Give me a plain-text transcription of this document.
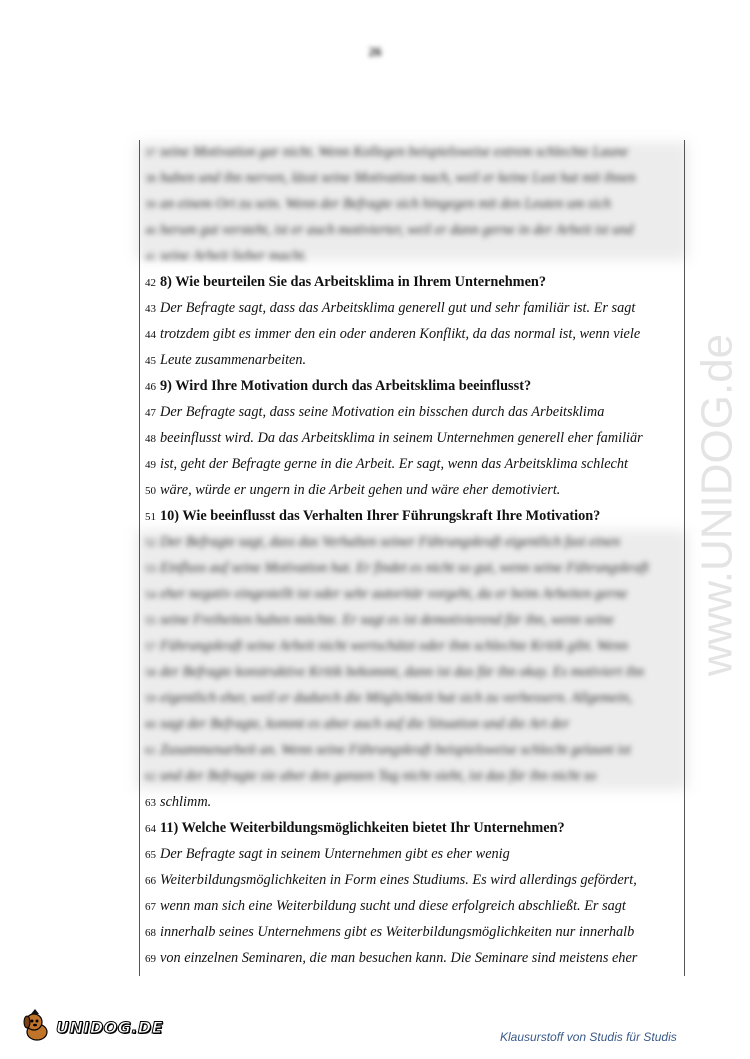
26
37 seine Motivation gar nicht. Wenn Kollegen beispielsweise extrem schlechte Laune
38 haben und ihn nerven, lässt seine Motivation nach, weil er keine Lust hat mit ihnen
39 an einem Ort zu sein. Wenn der Befragte sich hingegen mit den Leuten um sich
40 herum gut versteht, ist er auch motivierter, weil er dann gerne in der Arbeit ist und
41 seine Arbeit lieber macht.
42 8) Wie beurteilen Sie das Arbeitsklima in Ihrem Unternehmen?
43 Der Befragte sagt, dass das Arbeitsklima generell gut und sehr familiär ist. Er sagt
44 trotzdem gibt es immer den ein oder anderen Konflikt, da das normal ist, wenn viele
45 Leute zusammenarbeiten.
46 9) Wird Ihre Motivation durch das Arbeitsklima beeinflusst?
47 Der Befragte sagt, dass seine Motivation ein bisschen durch das Arbeitsklima
48 beeinflusst wird. Da das Arbeitsklima in seinem Unternehmen generell eher familiär
49 ist, geht der Befragte gerne in die Arbeit. Er sagt, wenn das Arbeitsklima schlecht
50 wäre, würde er ungern in die Arbeit gehen und wäre eher demotiviert.
51 10) Wie beeinflusst das Verhalten Ihrer Führungskraft Ihre Motivation?
52 Der Befragte sagt, dass das Verhalten seiner Führungskraft eigentlich fast einen
53 Einfluss auf seine Motivation hat. Er findet es nicht so gut, wenn seine Führungskraft
54 eher negativ eingestellt ist oder sehr autoritär vorgeht, da er beim Arbeiten gerne
55 seine Freiheiten haben möchte. Er sagt es ist demotivierend für ihn, wenn seine
57 Führungskraft seine Arbeit nicht wertschätzt oder ihm schlechte Kritik gibt. Wenn
58 der Befragte konstruktive Kritik bekommt, dann ist das für ihn okay. Es motiviert ihn
59 eigentlich eher, weil er dadurch die Möglichkeit hat sich zu verbessern. Allgemein,
60 sagt der Befragte, kommt es aber auch auf die Situation und die Art der
61 Zusammenarbeit an. Wenn seine Führungskraft beispielsweise schlecht gelaunt ist
62 und der Befragte sie aber den ganzen Tag nicht sieht, ist das für ihn nicht so
63 schlimm.
64 11) Welche Weiterbildungsmöglichkeiten bietet Ihr Unternehmen?
65 Der Befragte sagt in seinem Unternehmen gibt es eher wenig
66 Weiterbildungsmöglichkeiten in Form eines Studiums. Es wird allerdings gefördert,
67 wenn man sich eine Weiterbildung sucht und diese erfolgreich abschließt. Er sagt
68 innerhalb seines Unternehmens gibt es Weiterbildungsmöglichkeiten nur innerhalb
69 von einzelnen Seminaren, die man besuchen kann. Die Seminare sind meistens eher
www.UNIDOG.de
UNIDOG.DE
Klausurstoff von Studis für Studis
